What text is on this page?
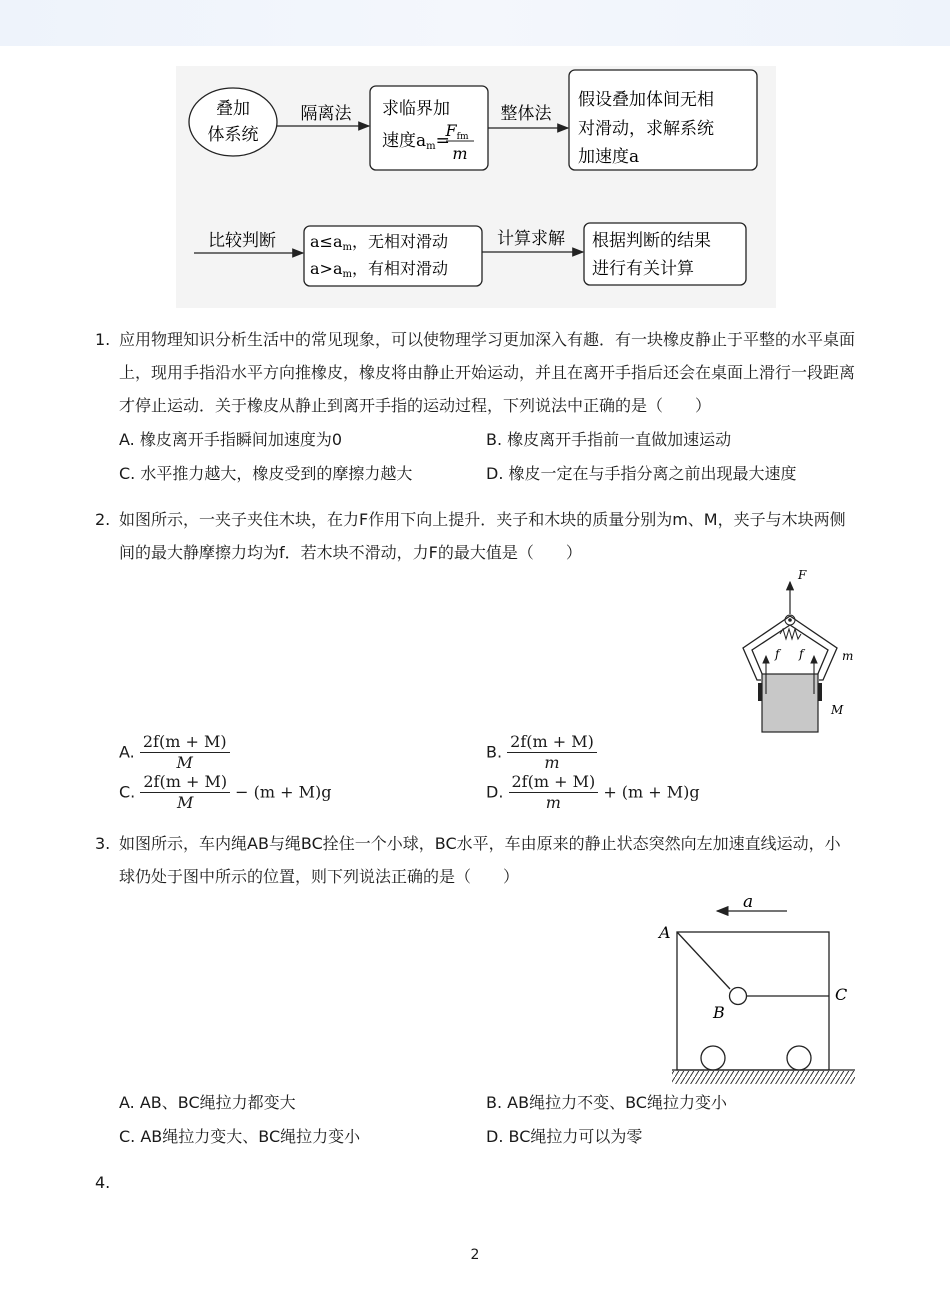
叠加
体系统
隔离法 求临界加
速度am=
Ffm
m
整体法
假设叠加体间无相
对滑动，求解系统
加速度a
比较判断 a≤am，无相对滑动
a>am，有相对滑动
计算求解 根据判断的结果
进行有关计算
1. 应用物理知识分析生活中的常见现象，可以使物理学习更加深入有趣．有一块橡皮静止于平整的水平桌面上，现用手指沿水平方向推橡皮，橡皮将由静止开始运动，并且在离开手指后还会在桌面上滑行一段距离才停止运动．关于橡皮从静止到离开手指的运动过程，下列说法中正确的是（　　）
A. 橡皮离开手指瞬间加速度为0	B. 橡皮离开手指前一直做加速运动
C. 水平推力越大，橡皮受到的摩擦力越大	D. 橡皮一定在与手指分离之前出现最大速度
2. 如图所示，一夹子夹住木块，在力F作用下向上提升．夹子和木块的质量分别为m、M，夹子与木块两侧间的最大静摩擦力均为f．若木块不滑动，力F的最大值是（　　）
F
f f	m
M
A. $\frac{2f(m + M)}{M}$	B. $\frac{2f(m + M)}{m}$
C. $\frac{2f(m + M)}{M} - (m + M)g$	D. $\frac{2f(m + M)}{m} + (m + M)g$
3. 如图所示，车内绳AB与绳BC拴住一个小球，BC水平，车由原来的静止状态突然向左加速直线运动，小球仍处于图中所示的位置，则下列说法正确的是（　　）
a
A
B
C
A. AB、BC绳拉力都变大	B. AB绳拉力不变、BC绳拉力变小
C. AB绳拉力变大、BC绳拉力变小	D. BC绳拉力可以为零
4.
2
